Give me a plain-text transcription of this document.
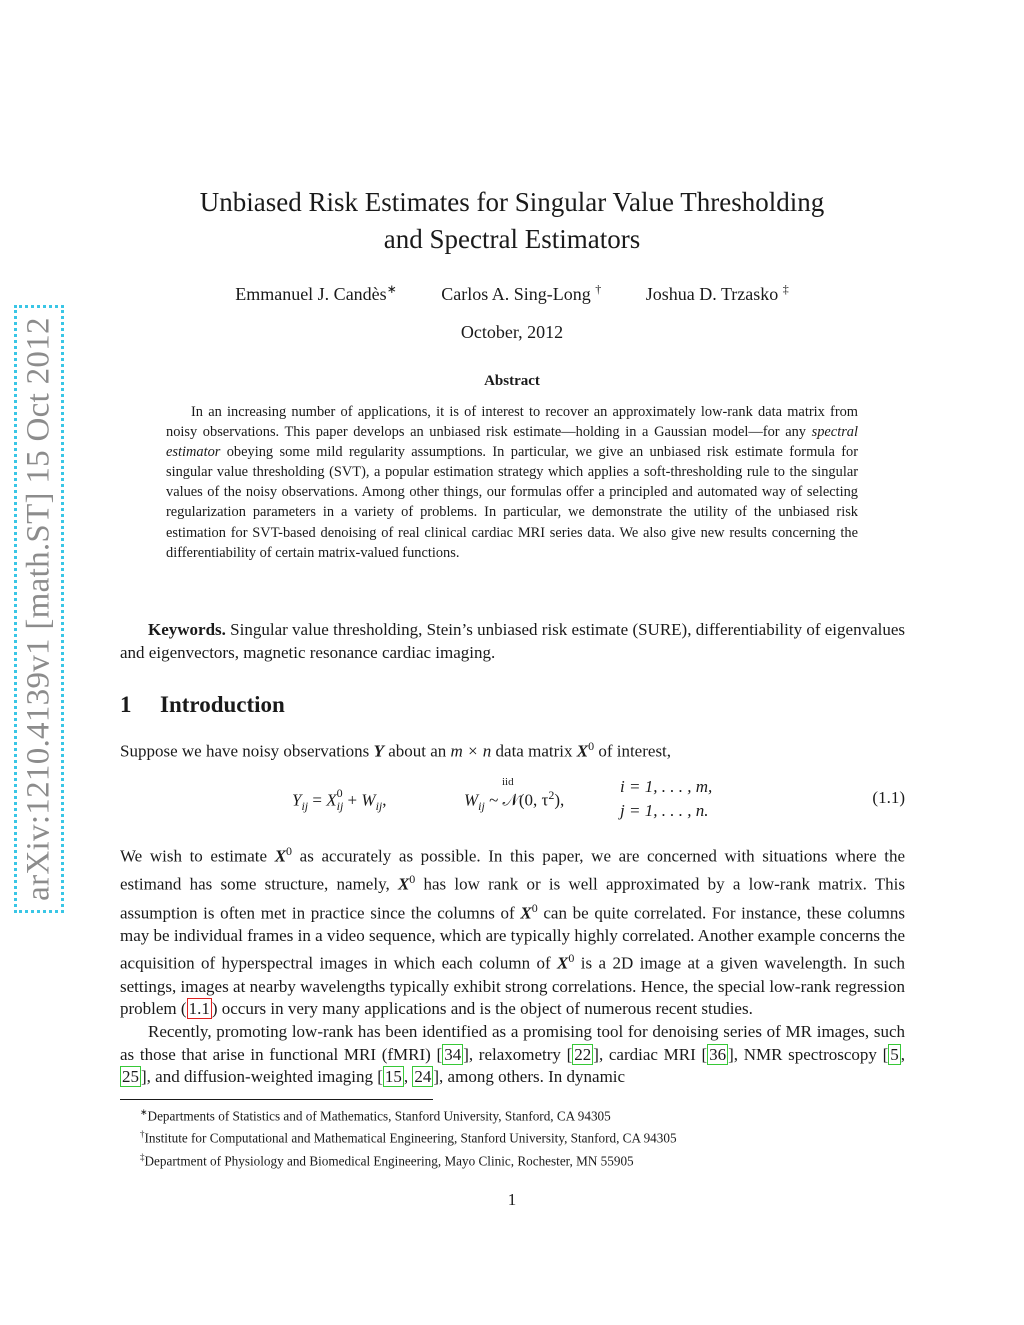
arXiv:1210.4139v1 [math.ST] 15 Oct 2012
Unbiased Risk Estimates for Singular Value Thresholding
and Spectral Estimators
Emmanuel J. Candès∗ Carlos A. Sing-Long † Joshua D. Trzasko ‡
October, 2012
Abstract
In an increasing number of applications, it is of interest to recover an approximately low-rank data matrix from noisy observations. This paper develops an unbiased risk estimate—holding in a Gaussian model—for any spectral estimator obeying some mild regularity assumptions. In particular, we give an unbiased risk estimate formula for singular value thresholding (SVT), a popular estimation strategy which applies a soft-thresholding rule to the singular values of the noisy observations. Among other things, our formulas offer a principled and automated way of selecting regularization parameters in a variety of problems. In particular, we demonstrate the utility of the unbiased risk estimation for SVT-based denoising of real clinical cardiac MRI series data. We also give new results concerning the differentiability of certain matrix-valued functions.
Keywords. Singular value thresholding, Stein’s unbiased risk estimate (SURE), differentiability of eigenvalues and eigenvectors, magnetic resonance cardiac imaging.
1 Introduction
Suppose we have noisy observations Y about an m × n data matrix $X^0$ of interest,
$Y_{ij} = X^0_{ij} + W_{ij}$,	$W_{ij}$
iid
~ 𝒩(0, $\tau^2$),
i = 1, . . . , m,
j = 1, . . . , n.
(1.1)
We wish to estimate $X^0$ as accurately as possible. In this paper, we are concerned with situations where the estimand has some structure, namely, $X^0$ has low rank or is well approximated by a low-rank matrix. This assumption is often met in practice since the columns of $X^0$ can be quite correlated. For instance, these columns may be individual frames in a video sequence, which are typically highly correlated. Another example concerns the acquisition of hyperspectral images in which each column of $X^0$ is a 2D image at a given wavelength. In such settings, images at nearby wavelengths typically exhibit strong correlations. Hence, the special low-rank regression problem ( 1.1 ) occurs in very many applications and is the object of numerous recent studies.
Recently, promoting low-rank has been identified as a promising tool for denoising series of MR images, such as those that arise in functional MRI (fMRI) [ 34 ], relaxometry [ 22 ], cardiac MRI [ 36 ], NMR spectroscopy [ 5 , 25 ], and diffusion-weighted imaging [ 15 , 24 ], among others. In dynamic
∗Departments of Statistics and of Mathematics, Stanford University, Stanford, CA 94305
†Institute for Computational and Mathematical Engineering, Stanford University, Stanford, CA 94305
‡Department of Physiology and Biomedical Engineering, Mayo Clinic, Rochester, MN 55905
1
